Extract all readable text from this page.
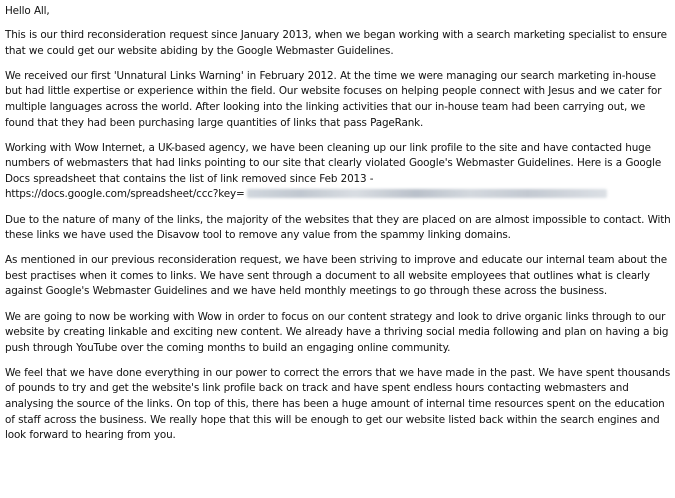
Hello All,

This is our third reconsideration request since January 2013, when we began working with a search marketing specialist to ensure that we could get our website abiding by the Google Webmaster Guidelines.

We received our first 'Unnatural Links Warning' in February 2012. At the time we were managing our search marketing in-house but had little expertise or experience within the field. Our website focuses on helping people connect with Jesus and we cater for multiple languages across the world. After looking into the linking activities that our in-house team had been carrying out, we found that they had been purchasing large quantities of links that pass PageRank.

Working with Wow Internet, a UK-based agency, we have been cleaning up our link profile to the site and have contacted huge numbers of webmasters that had links pointing to our site that clearly violated Google's Webmaster Guidelines. Here is a Google Docs spreadsheet that contains the list of link removed since Feb 2013 -
https://docs.google.com/spreadsheet/ccc?key=

Due to the nature of many of the links, the majority of the websites that they are placed on are almost impossible to contact. With these links we have used the Disavow tool to remove any value from the spammy linking domains.

As mentioned in our previous reconsideration request, we have been striving to improve and educate our internal team about the best practises when it comes to links. We have sent through a document to all website employees that outlines what is clearly against Google's Webmaster Guidelines and we have held monthly meetings to go through these across the business.

We are going to now be working with Wow in order to focus on our content strategy and look to drive organic links through to our website by creating linkable and exciting new content. We already have a thriving social media following and plan on having a big push through YouTube over the coming months to build an engaging online community.

We feel that we have done everything in our power to correct the errors that we have made in the past. We have spent thousands of pounds to try and get the website's link profile back on track and have spent endless hours contacting webmasters and analysing the source of the links. On top of this, there has been a huge amount of internal time resources spent on the education of staff across the business. We really hope that this will be enough to get our website listed back within the search engines and look forward to hearing from you.
